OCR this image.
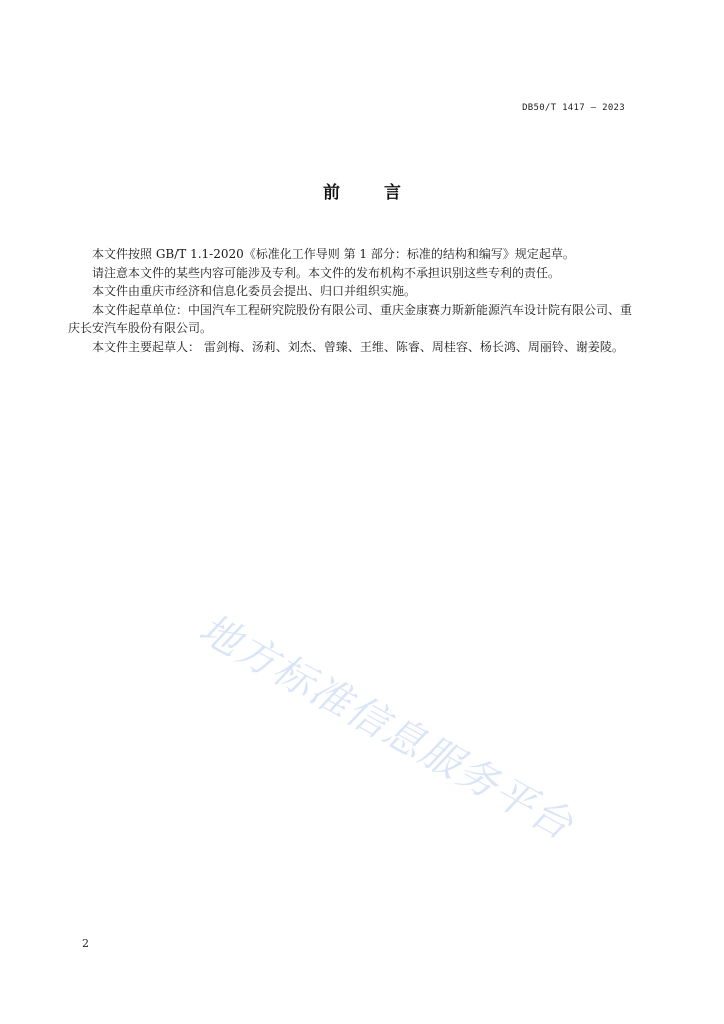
DB50/T 1417 — 2023
前言

本文件按照 GB/T 1.1-2020《标准化工作导则 第 1 部分：标准的结构和编写》规定起草。

请注意本文件的某些内容可能涉及专利。本文件的发布机构不承担识别这些专利的责任。

本文件由重庆市经济和信息化委员会提出、归口并组织实施。

本文件起草单位：中国汽车工程研究院股份有限公司、重庆金康赛力斯新能源汽车设计院有限公司、重庆长安汽车股份有限公司。

本文件主要起草人： 雷剑梅、汤莉、刘杰、曾臻、王维、陈睿、周桂容、杨长鸿、周丽铃、谢姜陵。

地方标准信息服务平台
2
